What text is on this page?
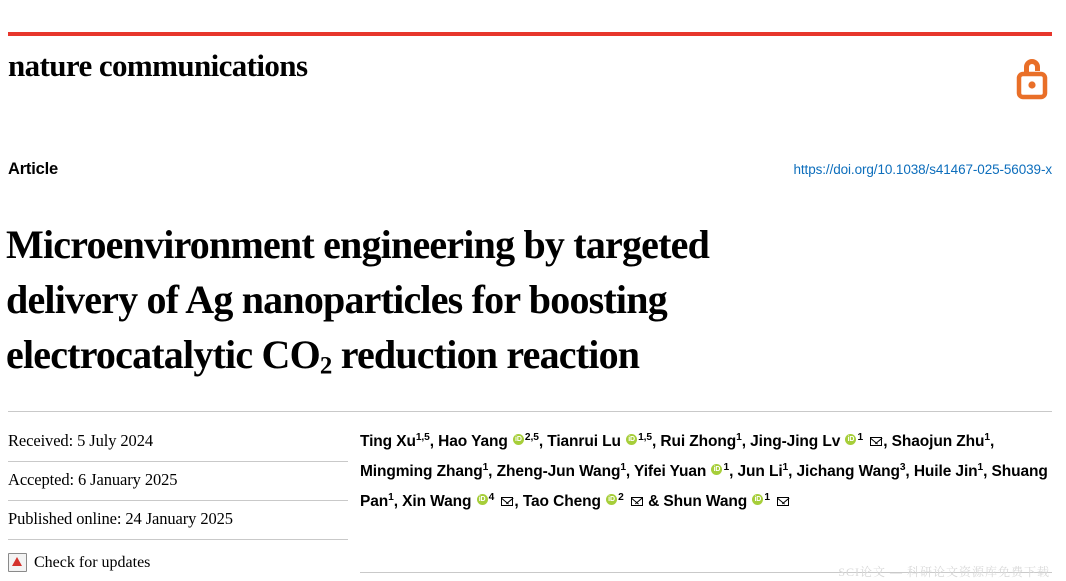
nature communications
Article	https://doi.org/10.1038/s41467-025-56039-x
Microenvironment engineering by targeted
delivery of Ag nanoparticles for boosting
electrocatalytic $CO_2$ reduction reaction
Received: 5 July 2024
Accepted: 6 January 2025
Published online: 24 January 2025
Check for updates
Ting Xu$^{1,5}$, Hao Yang iD$^{2,5}$, Tianrui Lu iD$^{1,5}$, Rui Zhong$^1$, Jing-Jing Lv $iD^1$ , Shaojun Zhu$^1$, Mingming Zhang$^1$, Zheng-Jun Wang$^1$, Yifei Yuan $iD^1$, Jun Li$^1$, Jichang Wang$^3$, Huile Jin$^1$, Shuang Pan$^1$, Xin Wang $iD^4$ , Tao Cheng $iD^2$  & Shun Wang $iD^1$
SCI论文 — 科研论文资源库免费下载
